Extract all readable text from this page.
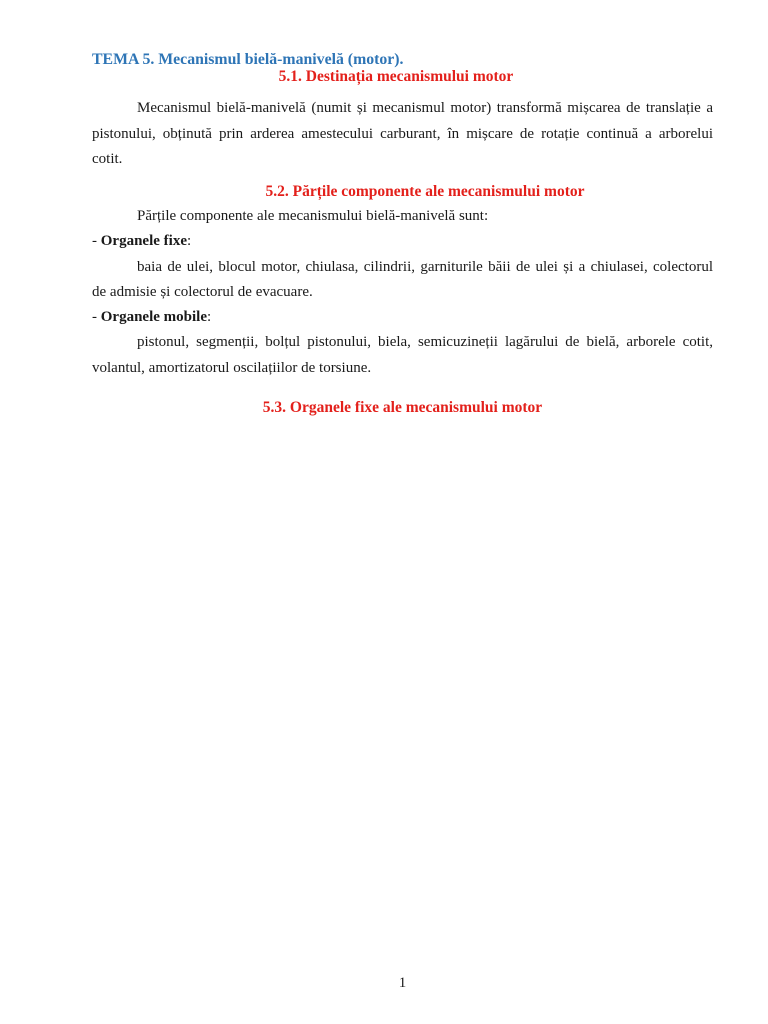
TEMA 5. Mecanismul bielă-manivelă (motor).
5.1. Destinația mecanismului motor
Mecanismul bielă-manivelă (numit și mecanismul motor) transformă mișcarea de translație a
pistonului, obținută prin arderea amestecului carburant, în mișcare de rotație continuă a arborelui
cotit.
5.2. Părțile componente ale mecanismului motor
Părțile componente ale mecanismului bielă-manivelă sunt:
- Organele fixe:
baia de ulei, blocul motor, chiulasa, cilindrii, garniturile băii de ulei și a chiulasei, colectorul
de admisie și colectorul de evacuare.
- Organele mobile:
pistonul, segmenții, bolțul pistonului, biela, semicuzineții lagărului de bielă, arborele cotit,
volantul, amortizatorul oscilațiilor de torsiune.
5.3. Organele fixe ale mecanismului motor
1
